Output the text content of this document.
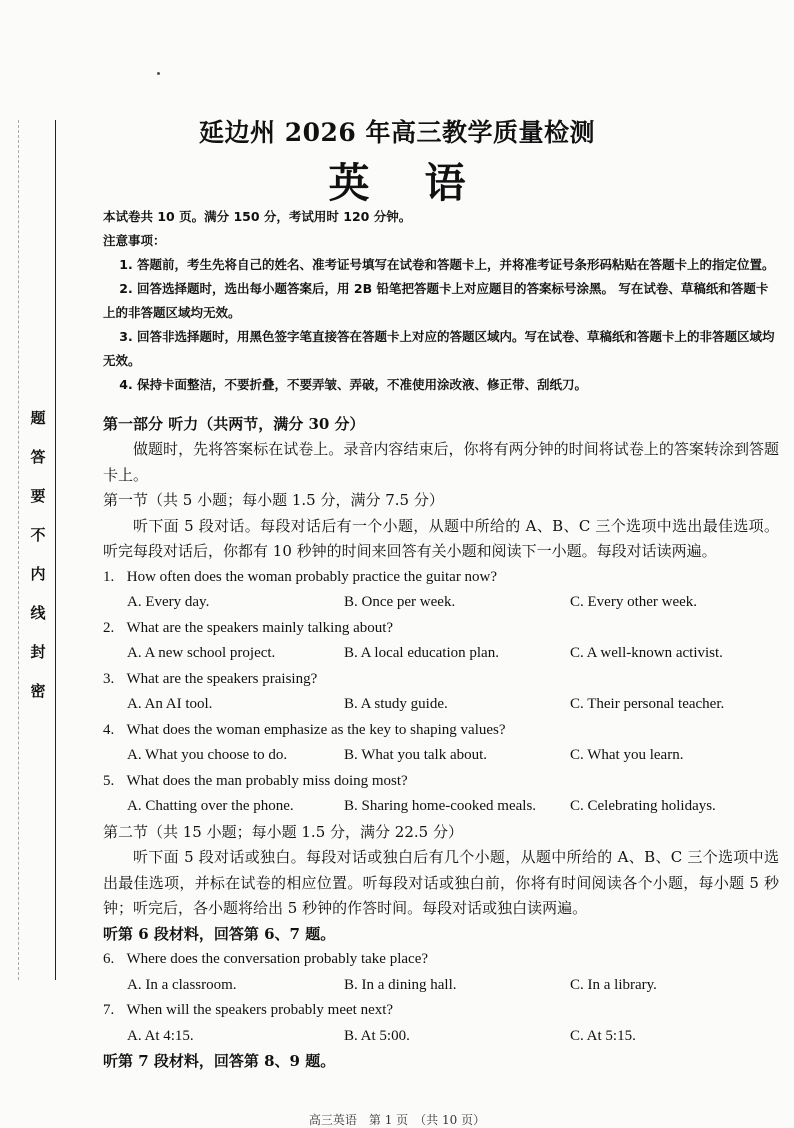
题
答
要
不
内
线
封
密
延边州 2026 年高三教学质量检测
英语

本试卷共 10 页。满分 150 分，考试用时 120 分钟。

注意事项：

1. 答题前，考生先将自己的姓名、准考证号填写在试卷和答题卡上，并将准考证号条形码粘贴在答题卡上的指定位置。

2. 回答选择题时，选出每小题答案后，用 2B 铅笔把答题卡上对应题目的答案标号涂黑。 写在试卷、草稿纸和答题卡上的非答题区域均无效。

3. 回答非选择题时，用黑色签字笔直接答在答题卡上对应的答题区域内。写在试卷、草稿纸和答题卡上的非答题区域均无效。

4. 保持卡面整洁，不要折叠，不要弄皱、弄破，不准使用涂改液、修正带、刮纸刀。

第一部分 听力（共两节，满分 30 分）

做题时，先将答案标在试卷上。录音内容结束后，你将有两分钟的时间将试卷上的答案转涂到答题卡上。

第一节（共 5 小题；每小题 1.5 分，满分 7.5 分）

听下面 5 段对话。每段对话后有一个小题，从题中所给的 A、B、C 三个选项中选出最佳选项。听完每段对话后，你都有 10 秒钟的时间来回答有关小题和阅读下一小题。每段对话读两遍。

1. How often does the woman probably practice the guitar now?

A. Every day.	B. Once per week.	C. Every other week.

2. What are the speakers mainly talking about?

A. A new school project.	B. A local education plan.	C. A well-known activist.

3. What are the speakers praising?

A. An AI tool.	B. A study guide.	C. Their personal teacher.

4. What does the woman emphasize as the key to shaping values?

A. What you choose to do.	B. What you talk about.	C. What you learn.

5. What does the man probably miss doing most?

A. Chatting over the phone.	B. Sharing home-cooked meals.	C. Celebrating holidays.

第二节（共 15 小题；每小题 1.5 分，满分 22.5 分）

听下面 5 段对话或独白。每段对话或独白后有几个小题，从题中所给的 A、B、C 三个选项中选出最佳选项，并标在试卷的相应位置。听每段对话或独白前，你将有时间阅读各个小题，每小题 5 秒钟；听完后，各小题将给出 5 秒钟的作答时间。每段对话或独白读两遍。

听第 6 段材料，回答第 6、7 题。

6. Where does the conversation probably take place?

A. In a classroom.	B. In a dining hall.	C. In a library.

7. When will the speakers probably meet next?

A. At 4:15.	B. At 5:00.	C. At 5:15.

听第 7 段材料，回答第 8、9 题。

高三英语　第 1 页　（共 10 页）
